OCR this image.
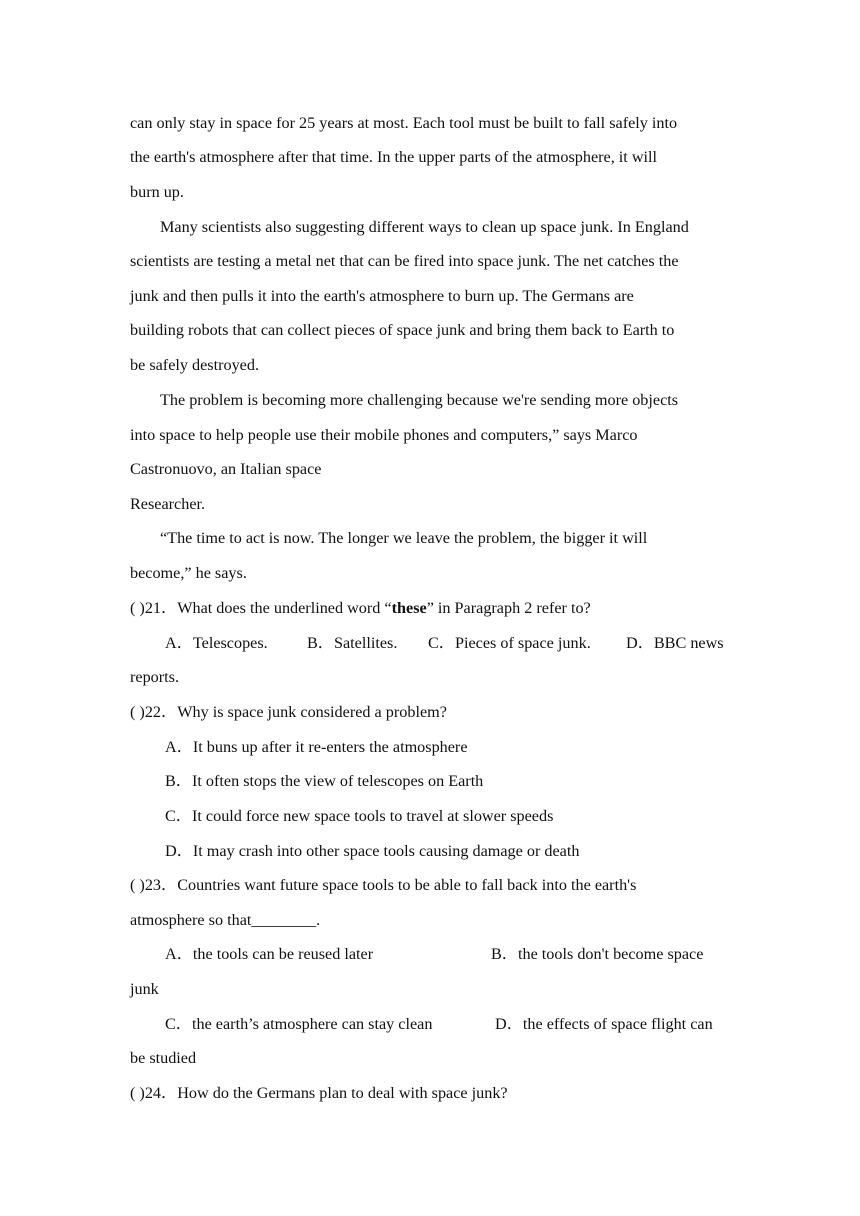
can only stay in space for 25 years at most. Each tool must be built to fall safely into
the earth's atmosphere after that time. In the upper parts of the atmosphere, it will
burn up.
Many scientists also suggesting different ways to clean up space junk. In England
scientists are testing a metal net that can be fired into space junk. The net catches the
junk and then pulls it into the earth's atmosphere to burn up. The Germans are
building robots that can collect pieces of space junk and bring them back to Earth to
be safely destroyed.
The problem is becoming more challenging because we're sending more objects
into space to help people use their mobile phones and computers,” says Marco
Castronuovo, an Italian space
Researcher.
“The time to act is now. The longer we leave the problem, the bigger it will
become,” he says.
( )21．What does the underlined word “these” in Paragraph 2 refer to?
A．Telescopes. B．Satellites. C．Pieces of space junk. D．BBC news
reports.
( )22．Why is space junk considered a problem?
A．It buns up after it re-enters the atmosphere
B．It often stops the view of telescopes on Earth
C．It could force new space tools to travel at slower speeds
D．It may crash into other space tools causing damage or death
( )23．Countries want future space tools to be able to fall back into the earth's
atmosphere so that________.
A．the tools can be reused later	B．the tools don't become space
junk
C．the earth’s atmosphere can stay clean	D．the effects of space flight can
be studied
( )24．How do the Germans plan to deal with space junk?
